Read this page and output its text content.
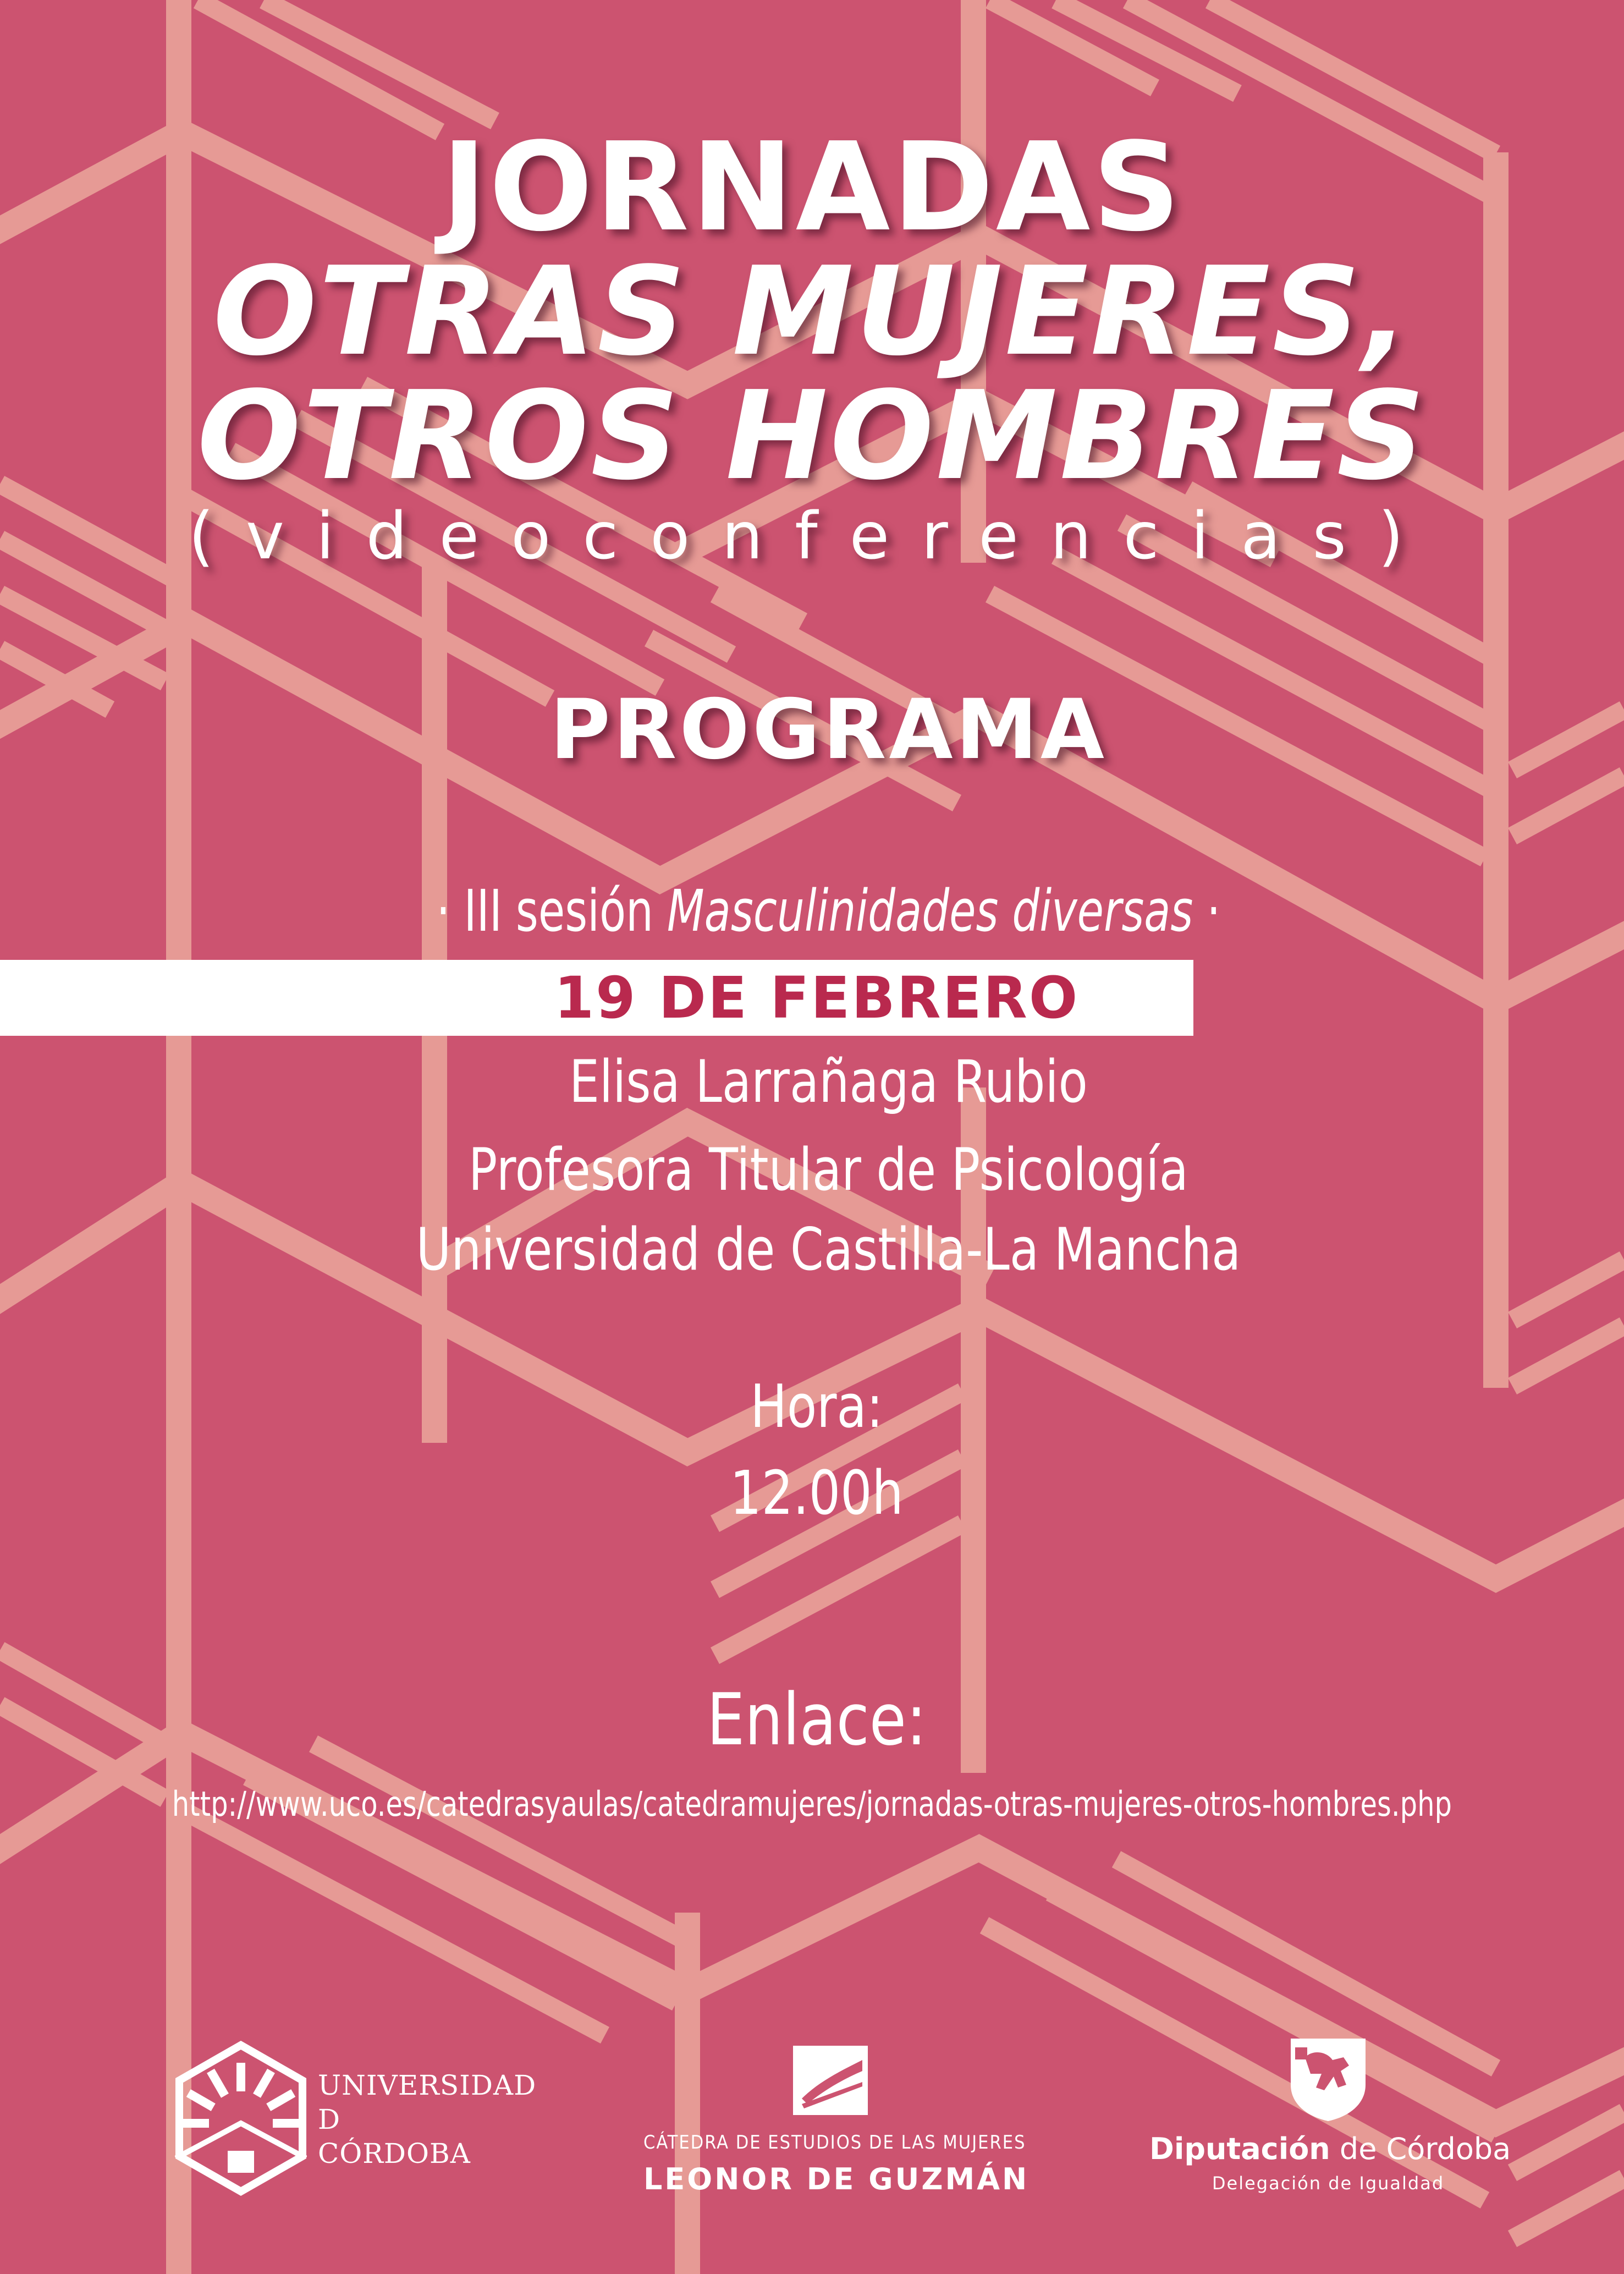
JORNADAS
OTRAS MUJERES,
OTROS HOMBRES
(videoconferencias)
PROGRAMA
· III sesión Masculinidades diversas ·
19 DE FEBRERO
Elisa Larrañaga Rubio
Profesora Titular de Psicología
Universidad de Castilla-La Mancha
Hora:
12.00h
Enlace:
http://www.uco.es/catedrasyaulas/catedramujeres/jornadas-otras-mujeres-otros-hombres.php
UNIVERSIDAD
D
CÓRDOBA	CÁTEDRA DE ESTUDIOS DE LAS MUJERES
LEONOR DE GUZMÁN
Diputación de Córdoba
Delegación de Igualdad
